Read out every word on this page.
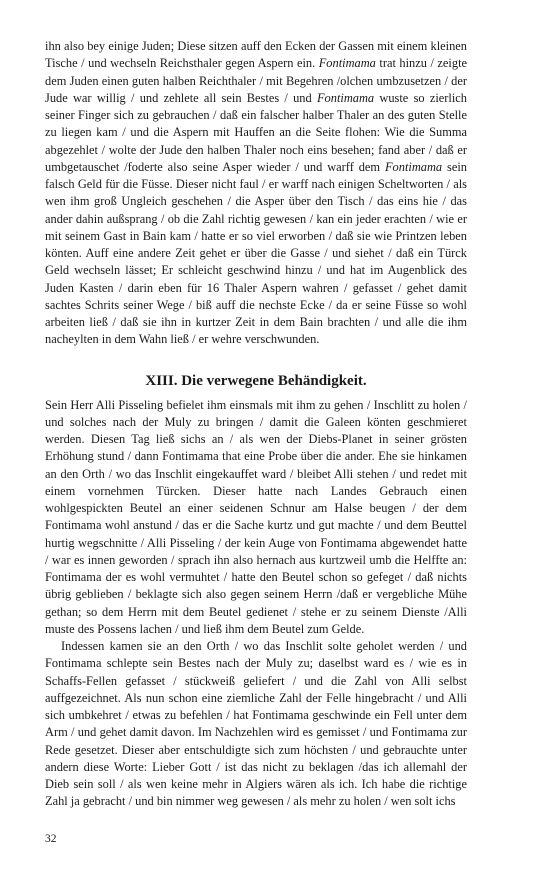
ihn also bey einige Juden; Diese sitzen auff den Ecken der Gassen mit einem kleinen Tische / und wechseln Reichsthaler gegen Aspern ein. Fontimama trat hinzu / zeigte dem Juden einen guten halben Reichthaler / mit Begehren /olchen umbzusetzen / der Jude war willig / und zehlete all sein Bestes / und Fontimama wuste so zierlich seiner Finger sich zu gebrauchen / daß ein falscher halber Thaler an des guten Stelle zu liegen kam / und die Aspern mit Hauffen an die Seite flohen: Wie die Summa abgezehlet / wolte der Jude den halben Thaler noch eins besehen; fand aber / daß er umbgetauschet /foderte also seine Asper wieder / und warff dem Fontimama sein falsch Geld für die Füsse. Dieser nicht faul / er warff nach einigen Scheltworten / als wen ihm groß Ungleich geschehen / die Asper über den Tisch / das eins hie / das ander dahin außsprang / ob die Zahl richtig gewesen / kan ein jeder erachten / wie er mit seinem Gast in Bain kam / hatte er so viel erworben / daß sie wie Printzen leben könten. Auff eine andere Zeit gehet er über die Gasse / und siehet / daß ein Türck Geld wechseln lässet; Er schleicht geschwind hinzu / und hat im Augenblick des Juden Kasten / darin eben für 16 Thaler Aspern wahren / gefasset / gehet damit sachtes Schrits seiner Wege / biß auff die nechste Ecke / da er seine Füsse so wohl arbeiten ließ / daß sie ihn in kurtzer Zeit in dem Bain brachten / und alle die ihm nacheylten in dem Wahn ließ / er wehre verschwunden.

XIII. Die verwegene Behändigkeit.

Sein Herr Alli Pisseling befielet ihm einsmals mit ihm zu gehen / Inschlitt zu holen / und solches nach der Muly zu bringen / damit die Galeen könten geschmieret werden. Diesen Tag ließ sichs an / als wen der Diebs-Planet in seiner grösten Erhöhung stund / dann Fontimama that eine Probe über die ander. Ehe sie hinkamen an den Orth / wo das Inschlit eingekauffet ward / bleibet Alli stehen / und redet mit einem vornehmen Türcken. Dieser hatte nach Landes Gebrauch einen wohlgespickten Beutel an einer seidenen Schnur am Halse beugen / der dem Fontimama wohl anstund / das er die Sache kurtz und gut machte / und dem Beuttel hurtig wegschnitte / Alli Pisseling / der kein Auge von Fontimama abgewendet hatte / war es innen geworden / sprach ihn also hernach aus kurtzweil umb die Helffte an: Fontimama der es wohl vermuhtet / hatte den Beutel schon so gefeget / daß nichts übrig geblieben / beklagte sich also gegen seinem Herrn /daß er vergebliche Mühe gethan; so dem Herrn mit dem Beutel gedienet / stehe er zu seinem Dienste /Alli muste des Possens lachen / und ließ ihm dem Beutel zum Gelde.

Indessen kamen sie an den Orth / wo das Inschlit solte geholet werden / und Fontimama schlepte sein Bestes nach der Muly zu; daselbst ward es / wie es in Schaffs-Fellen gefasset / stückweiß geliefert / und die Zahl von Alli selbst auffgezeichnet. Als nun schon eine ziemliche Zahl der Felle hingebracht / und Alli sich umbkehret / etwas zu befehlen / hat Fontimama geschwinde ein Fell unter dem Arm / und gehet damit davon. Im Nachzehlen wird es gemisset / und Fontimama zur Rede gesetzet. Dieser aber entschuldigte sich zum höchsten / und gebrauchte unter andern diese Worte: Lieber Gott / ist das nicht zu beklagen /das ich allemahl der Dieb sein soll / als wen keine mehr in Algiers wären als ich. Ich habe die richtige Zahl ja gebracht / und bin nimmer weg gewesen / als mehr zu holen / wen solt ichs

32
